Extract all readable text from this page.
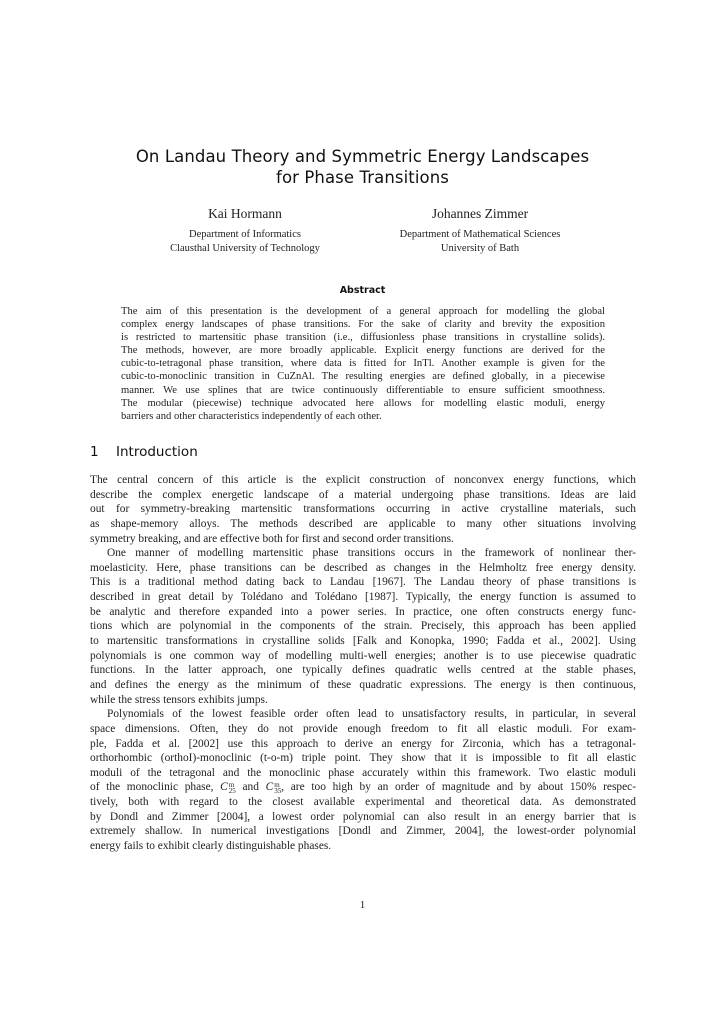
On Landau Theory and Symmetric Energy Landscapes
for Phase Transitions
Kai Hormann
Department of Informatics
Clausthal University of Technology
Johannes Zimmer
Department of Mathematical Sciences
University of Bath
Abstract
The aim of this presentation is the development of a general approach for modelling the global
complex energy landscapes of phase transitions. For the sake of clarity and brevity the exposition
is restricted to martensitic phase transition (i.e., diffusionless phase transitions in crystalline solids).
The methods, however, are more broadly applicable. Explicit energy functions are derived for the
cubic-to-tetragonal phase transition, where data is fitted for InTl. Another example is given for the
cubic-to-monoclinic transition in CuZnAl. The resulting energies are defined globally, in a piecewise
manner. We use splines that are twice continuously differentiable to ensure sufficient smoothness.
The modular (piecewise) technique advocated here allows for modelling elastic moduli, energy
barriers and other characteristics independently of each other.
1 Introduction
The central concern of this article is the explicit construction of nonconvex energy functions, which
describe the complex energetic landscape of a material undergoing phase transitions. Ideas are laid
out for symmetry-breaking martensitic transformations occurring in active crystalline materials, such
as shape-memory alloys. The methods described are applicable to many other situations involving
symmetry breaking, and are effective both for first and second order transitions.
One manner of modelling martensitic phase transitions occurs in the framework of nonlinear ther-
moelasticity. Here, phase transitions can be described as changes in the Helmholtz free energy density.
This is a traditional method dating back to Landau [1967]. The Landau theory of phase transitions is
described in great detail by Tolédano and Tolédano [1987]. Typically, the energy function is assumed to
be analytic and therefore expanded into a power series. In practice, one often constructs energy func-
tions which are polynomial in the components of the strain. Precisely, this approach has been applied
to martensitic transformations in crystalline solids [Falk and Konopka, 1990; Fadda et al., 2002]. Using
polynomials is one common way of modelling multi-well energies; another is to use piecewise quadratic
functions. In the latter approach, one typically defines quadratic wells centred at the stable phases,
and defines the energy as the minimum of these quadratic expressions. The energy is then continuous,
while the stress tensors exhibits jumps.
Polynomials of the lowest feasible order often lead to unsatisfactory results, in particular, in several
space dimensions. Often, they do not provide enough freedom to fit all elastic moduli. For exam-
ple, Fadda et al. [2002] use this approach to derive an energy for Zirconia, which has a tetragonal-
orthorhombic (orthoI)-monoclinic (t-o-m) triple point. They show that it is impossible to fit all elastic
moduli of the tetragonal and the monoclinic phase accurately within this framework. Two elastic moduli
of the monoclinic phase, C m
25 and C m
35 , are too high by an order of magnitude and by about 150% respec-
tively, both with regard to the closest available experimental and theoretical data. As demonstrated
by Dondl and Zimmer [2004], a lowest order polynomial can also result in an energy barrier that is
extremely shallow. In numerical investigations [Dondl and Zimmer, 2004], the lowest-order polynomial
energy fails to exhibit clearly distinguishable phases.
1
